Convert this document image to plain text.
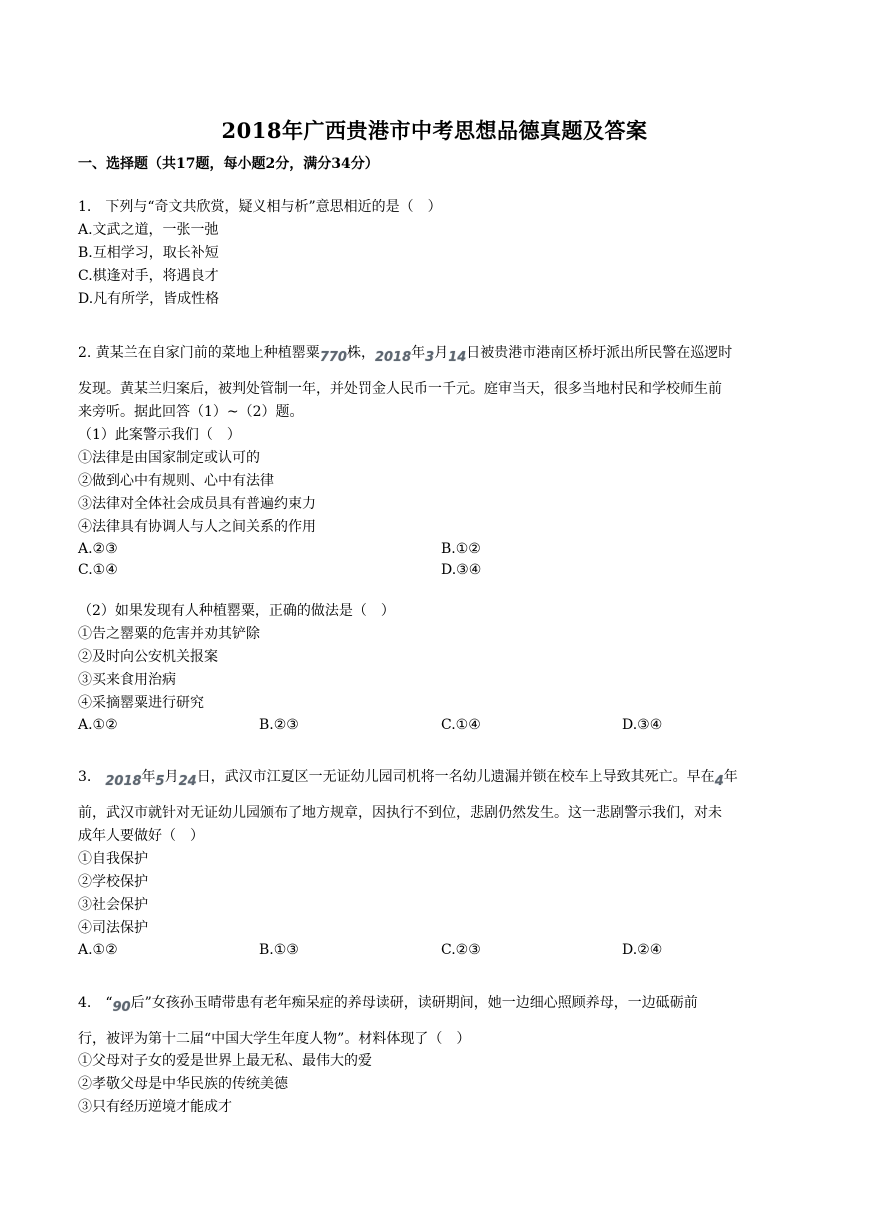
2018年广西贵港市中考思想品德真题及答案
一、选择题（共17题，每小题2分，满分34分）
1.　下列与“奇文共欣赏，疑义相与析”意思相近的是（　）
A.文武之道，一张一弛
B.互相学习，取长补短
C.棋逢对手，将遇良才
D.凡有所学，皆成性格
2. 黄某兰在自家门前的菜地上种植罂粟770株，2018年3月14日被贵港市港南区桥圩派出所民警在巡逻时
发现。黄某兰归案后，被判处管制一年，并处罚金人民币一千元。庭审当天，很多当地村民和学校师生前
来旁听。据此回答（1）~（2）题。
（1）此案警示我们（　）
①法律是由国家制定或认可的
②做到心中有规则、心中有法律
③法律对全体社会成员具有普遍约束力
④法律具有协调人与人之间关系的作用
A.②③	B.①②
C.①④	D.③④
（2）如果发现有人种植罂粟，正确的做法是（　）
①告之罂粟的危害并劝其铲除
②及时向公安机关报案
③买来食用治病
④采摘罂粟进行研究
A.①②	B.②③	C.①④	D.③④
3.　2018年5月24日，武汉市江夏区一无证幼儿园司机将一名幼儿遗漏并锁在校车上导致其死亡。早在4年
前，武汉市就针对无证幼儿园颁布了地方规章，因执行不到位，悲剧仍然发生。这一悲剧警示我们，对未
成年人要做好（　）
①自我保护
②学校保护
③社会保护
④司法保护
A.①②	B.①③	C.②③	D.②④
4.　“90后”女孩孙玉晴带患有老年痴呆症的养母读研，读研期间，她一边细心照顾养母，一边砥砺前
行，被评为第十二届“中国大学生年度人物”。材料体现了（　）
①父母对子女的爱是世界上最无私、最伟大的爱
②孝敬父母是中华民族的传统美德
③只有经历逆境才能成才
